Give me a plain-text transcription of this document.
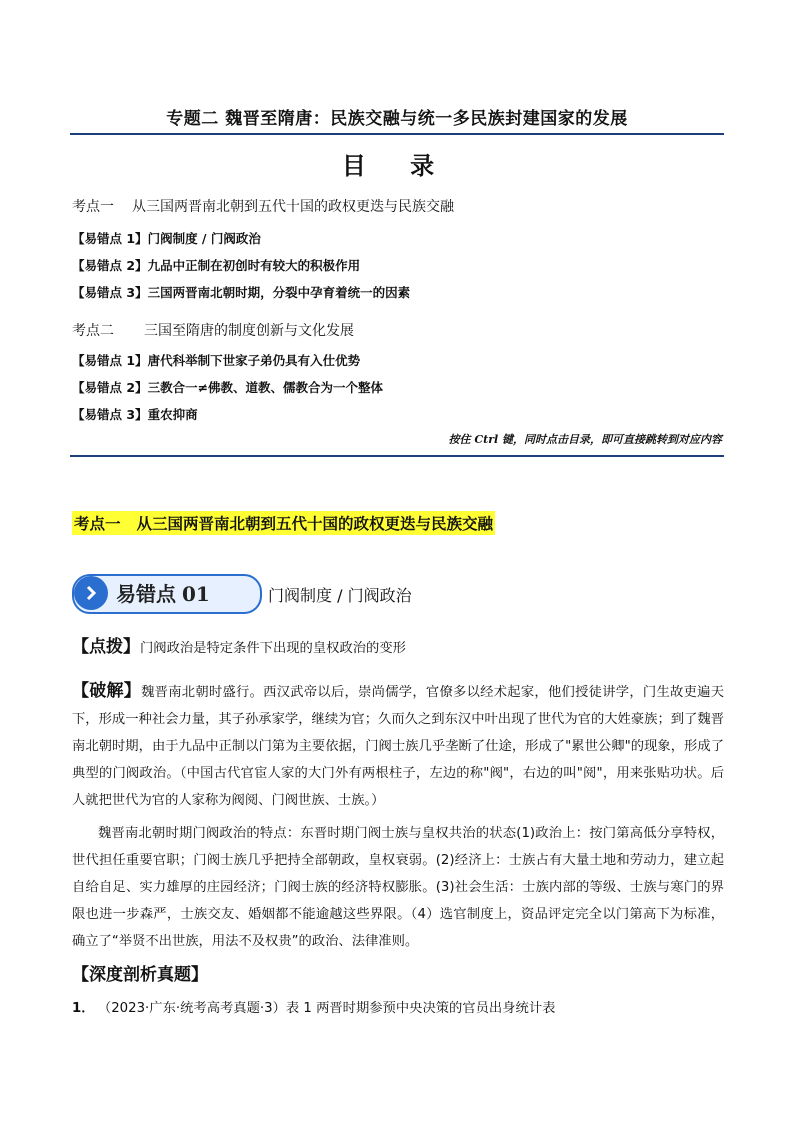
专题二 魏晋至隋唐：民族交融与统一多民族封建国家的发展
目 录
考点一 从三国两晋南北朝到五代十国的政权更迭与民族交融
【易错点 1】门阀制度 / 门阀政治
【易错点 2】九品中正制在初创时有较大的积极作用
【易错点 3】三国两晋南北朝时期，分裂中孕育着统一的因素
考点二 三国至隋唐的制度创新与文化发展
【易错点 1】唐代科举制下世家子弟仍具有入仕优势
【易错点 2】三教合一≠佛教、道教、儒教合为一个整体
【易错点 3】重农抑商
按住 Ctrl 键，同时点击目录，即可直接跳转到对应内容
考点一 从三国两晋南北朝到五代十国的政权更迭与民族交融
易错点 01	门阀制度 / 门阀政治
【点拨】门阀政治是特定条件下出现的皇权政治的变形
【破解】魏晋南北朝时盛行。西汉武帝以后，崇尚儒学，官僚多以经术起家，他们授徒讲学，门生故吏遍天下，形成一种社会力量，其子孙承家学，继续为官；久而久之到东汉中叶出现了世代为官的大姓豪族；到了魏晋南北朝时期，由于九品中正制以门第为主要依据，门阀士族几乎垄断了仕途，形成了"累世公卿"的现象，形成了典型的门阀政治。（中国古代官宦人家的大门外有两根柱子，左边的称"阀"，右边的叫"阅"，用来张贴功状。后人就把世代为官的人家称为阀阅、门阀世族、士族。）
魏晋南北朝时期门阀政治的特点：东晋时期门阀士族与皇权共治的状态(1)政治上：按门第高低分享特权，世代担任重要官职；门阀士族几乎把持全部朝政，皇权衰弱。(2)经济上：士族占有大量土地和劳动力，建立起自给自足、实力雄厚的庄园经济；门阀士族的经济特权膨胀。(3)社会生活：士族内部的等级、士族与寒门的界限也进一步森严，士族交友、婚姻都不能逾越这些界限。（4）选官制度上，资品评定完全以门第高下为标准，确立了“举贤不出世族，用法不及权贵”的政治、法律准则。
【深度剖析真题】
1． （2023·广东·统考高考真题·3）表 1 两晋时期参预中央决策的官员出身统计表
